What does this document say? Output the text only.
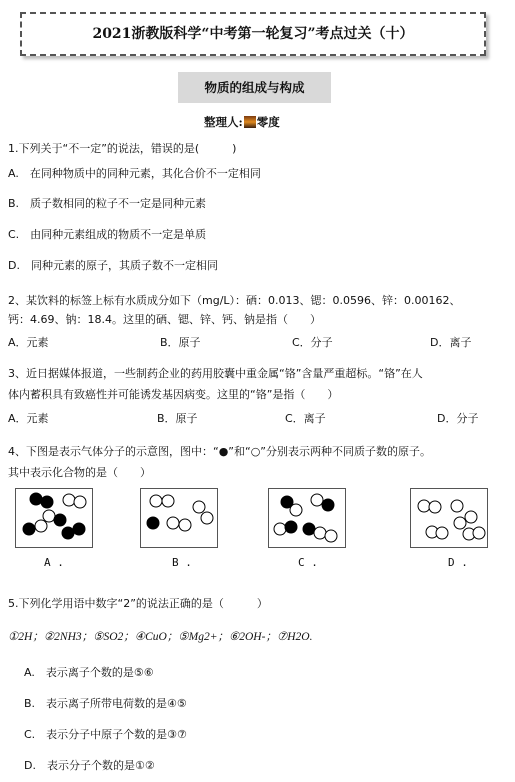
2021浙教版科学“中考第一轮复习”考点过关（十）
物质的组成与构成
整理人: 零度
1.下列关于“不一定”的说法，错误的是(　　　)
A.　在同种物质中的同种元素，其化合价不一定相同
B.　质子数相同的粒子不一定是同种元素
C.　由同种元素组成的物质不一定是单质
D.　同种元素的原子，其质子数不一定相同
2、某饮料的标签上标有水质成分如下（mg/L）：硒：0.013、锶：0.0596、锌：0.00162、
钙：4.69、钠：18.4。这里的硒、锶、锌、钙、钠是指（　　）
A．元素	B．原子	C．分子	D．离子
3、近日据媒体报道，一些制药企业的药用胶囊中重金属“铬”含量严重超标。“铬”在人
体内蓄积具有致癌性并可能诱发基因病变。这里的“铬”是指（　　）
A．元素	B．原子	C．离子	D．分子
4、下图是表示气体分子的示意图，图中：“●”和“○”分别表示两种不同质子数的原子。
其中表示化合物的是（　　）
A .	B .	C .	D .
5.下列化学用语中数字“2”的说法正确的是（　　　）
①2H；②2NH3；⑤SO2；④CuO；⑤Mg2+；⑥2OH-；⑦H2O.
A.　表示离子个数的是⑤⑥
B.　表示离子所带电荷数的是④⑤
C.　表示分子中原子个数的是③⑦
D.　表示分子个数的是①②
